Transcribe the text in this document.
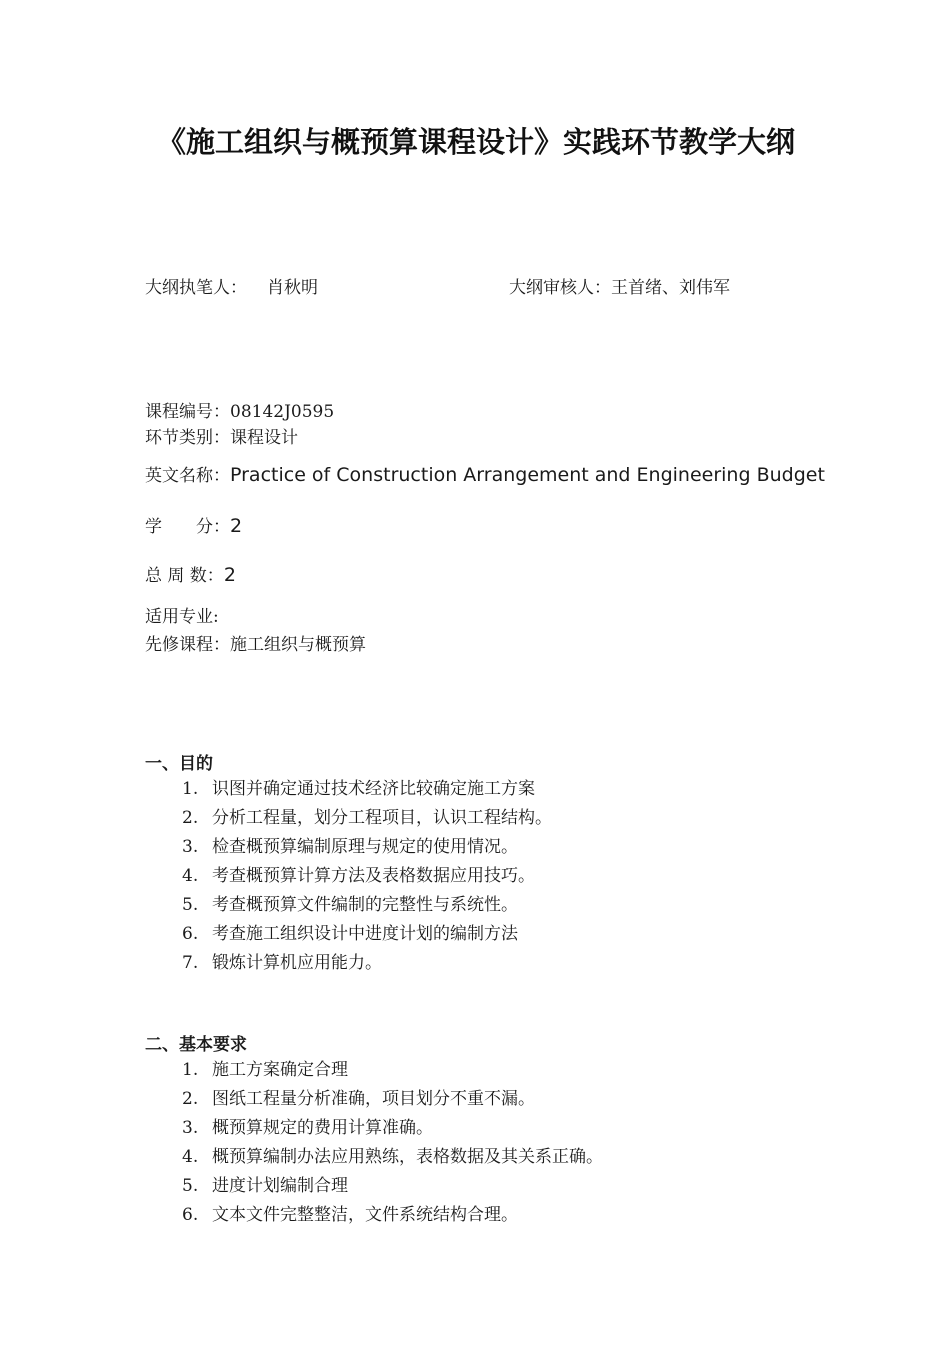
《施工组织与概预算课程设计》实践环节教学大纲
大纲执笔人： 肖秋明	大纲审核人：王首绪、刘伟军
课程编号：08142J0595
环节类别：课程设计
英文名称：Practice of Construction Arrangement and Engineering Budget
学　　分：2
总 周 数：2
适用专业:
先修课程：施工组织与概预算
一、目的
1. 识图并确定通过技术经济比较确定施工方案
2. 分析工程量，划分工程项目，认识工程结构。
3. 检查概预算编制原理与规定的使用情况。
4. 考查概预算计算方法及表格数据应用技巧。
5. 考查概预算文件编制的完整性与系统性。
6. 考查施工组织设计中进度计划的编制方法
7. 锻炼计算机应用能力。
二、基本要求
1. 施工方案确定合理
2. 图纸工程量分析准确，项目划分不重不漏。
3. 概预算规定的费用计算准确。
4. 概预算编制办法应用熟练，表格数据及其关系正确。
5. 进度计划编制合理
6. 文本文件完整整洁，文件系统结构合理。
